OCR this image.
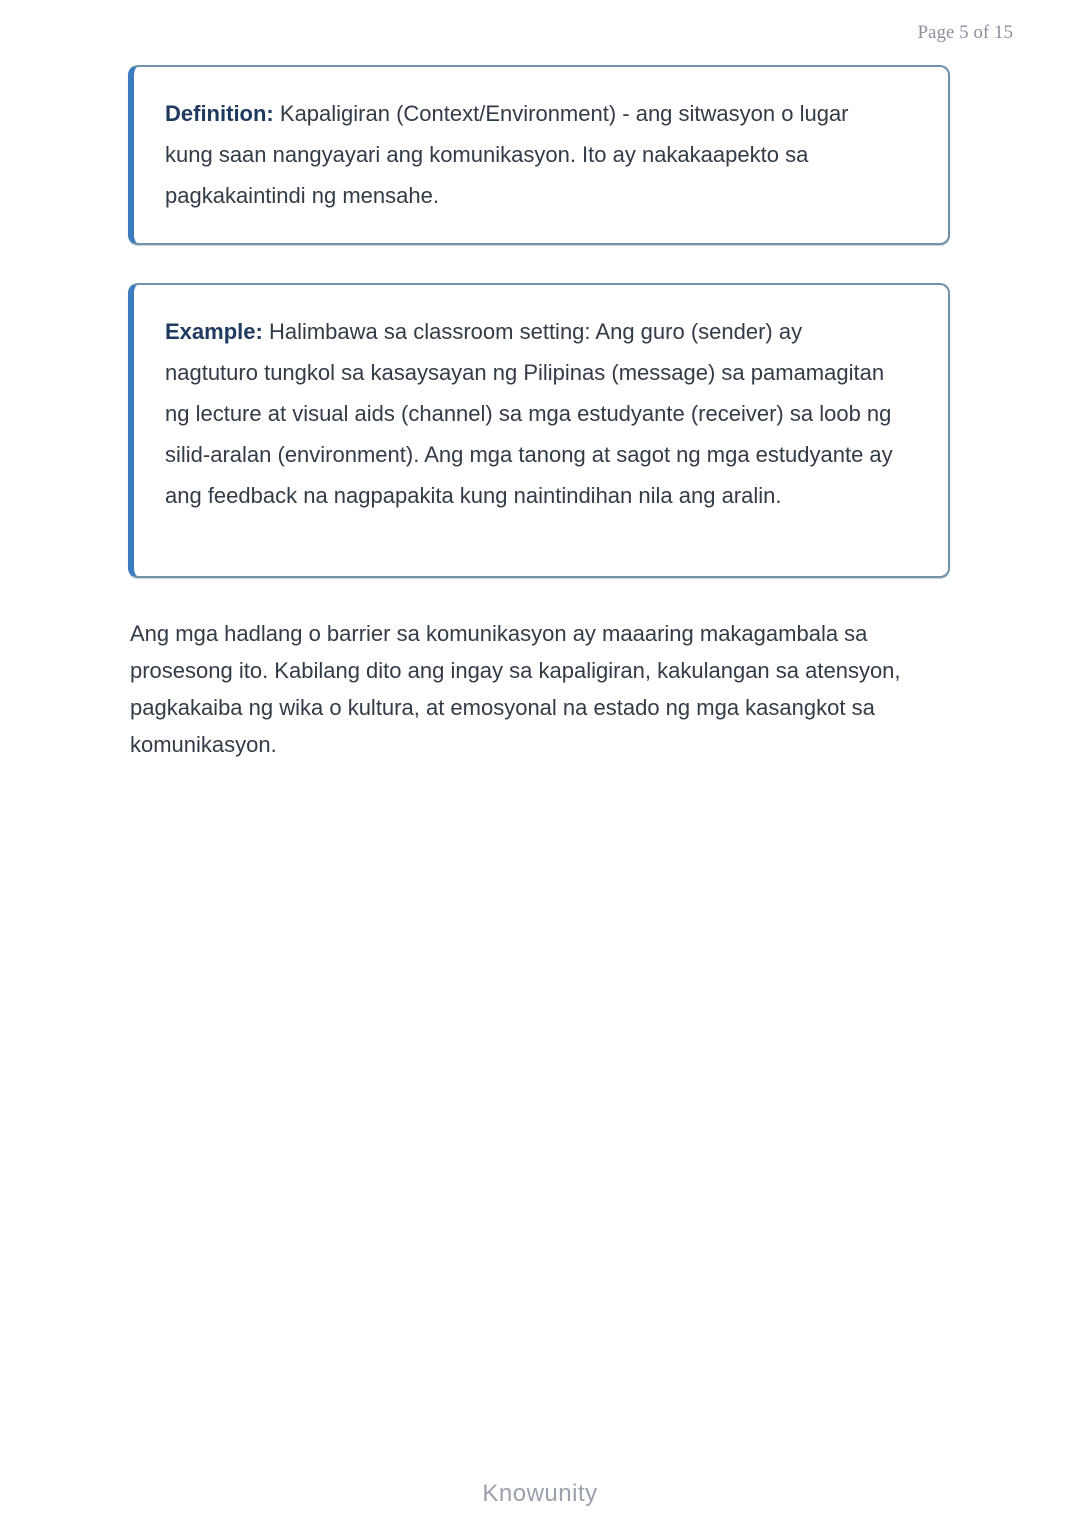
Page 5 of 15

Definition: Kapaligiran (Context/Environment) - ang sitwasyon o lugar kung saan nangyayari ang komunikasyon. Ito ay nakakaapekto sa pagkakaintindi ng mensahe.

Example: Halimbawa sa classroom setting: Ang guro (sender) ay nagtuturo tungkol sa kasaysayan ng Pilipinas (message) sa pamamagitan ng lecture at visual aids (channel) sa mga estudyante (receiver) sa loob ng silid-aralan (environment). Ang mga tanong at sagot ng mga estudyante ay ang feedback na nagpapakita kung naintindihan nila ang aralin.

Ang mga hadlang o barrier sa komunikasyon ay maaaring makagambala sa prosesong ito. Kabilang dito ang ingay sa kapaligiran, kakulangan sa atensyon, pagkakaiba ng wika o kultura, at emosyonal na estado ng mga kasangkot sa komunikasyon.

Knowunity
